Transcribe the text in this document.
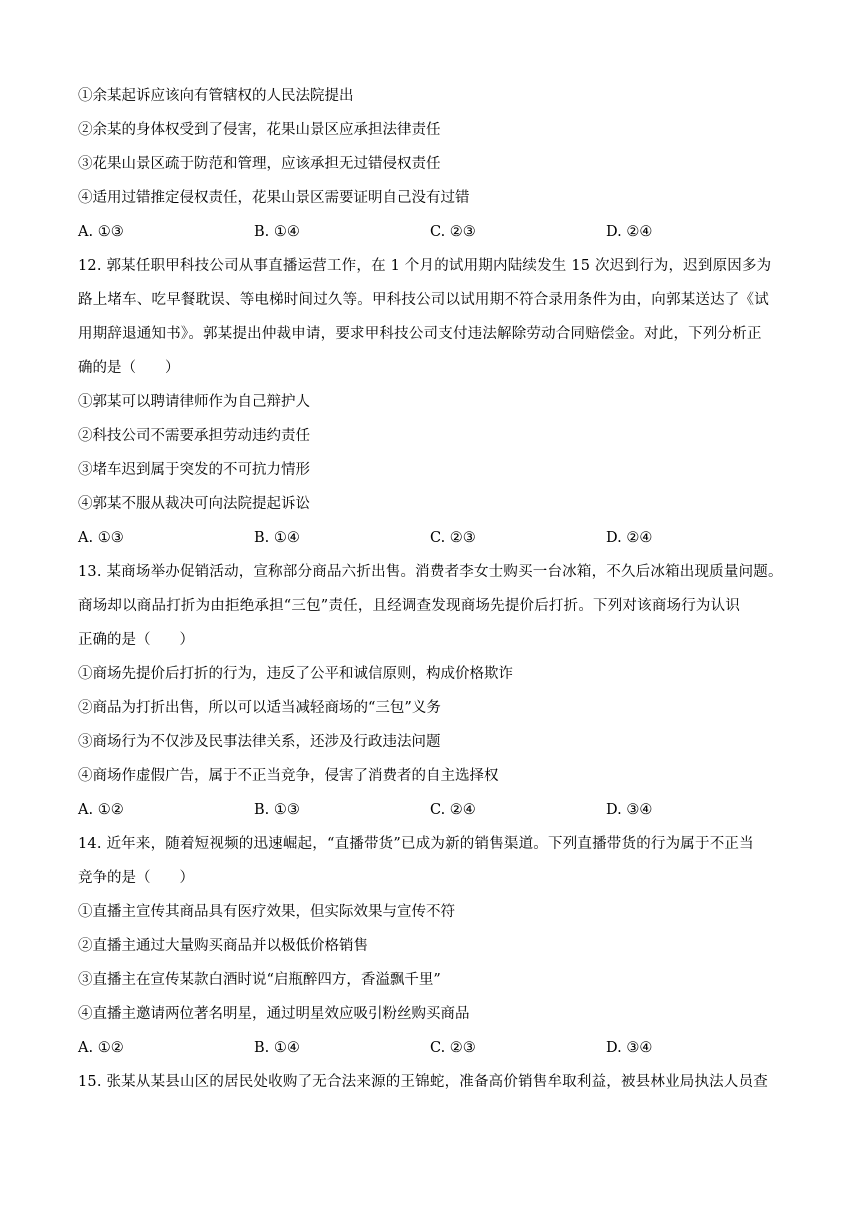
①余某起诉应该向有管辖权的人民法院提出
②余某的身体权受到了侵害，花果山景区应承担法律责任
③花果山景区疏于防范和管理，应该承担无过错侵权责任
④适用过错推定侵权责任，花果山景区需要证明自己没有过错
A. ①③	B. ①④	C. ②③	D. ②④
12. 郭某任职甲科技公司从事直播运营工作，在 1 个月的试用期内陆续发生 15 次迟到行为，迟到原因多为
路上堵车、吃早餐耽误、等电梯时间过久等。甲科技公司以试用期不符合录用条件为由，向郭某送达了《试
用期辞退通知书》。郭某提出仲裁申请，要求甲科技公司支付违法解除劳动合同赔偿金。对此，下列分析正
确的是（　　）
①郭某可以聘请律师作为自己辩护人
②科技公司不需要承担劳动违约责任
③堵车迟到属于突发的不可抗力情形
④郭某不服从裁决可向法院提起诉讼
A. ①③	B. ①④	C. ②③	D. ②④
13. 某商场举办促销活动，宣称部分商品六折出售。消费者李女士购买一台冰箱，不久后冰箱出现质量问题。
商场却以商品打折为由拒绝承担“三包”责任，且经调查发现商场先提价后打折。下列对该商场行为认识
正确的是（　　）
①商场先提价后打折的行为，违反了公平和诚信原则，构成价格欺诈
②商品为打折出售，所以可以适当减轻商场的“三包”义务
③商场行为不仅涉及民事法律关系，还涉及行政违法问题
④商场作虚假广告，属于不正当竞争，侵害了消费者的自主选择权
A. ①②	B. ①③	C. ②④	D. ③④
14. 近年来，随着短视频的迅速崛起，“直播带货”已成为新的销售渠道。下列直播带货的行为属于不正当
竞争的是（　　）
①直播主宣传其商品具有医疗效果，但实际效果与宣传不符
②直播主通过大量购买商品并以极低价格销售
③直播主在宣传某款白酒时说“启瓶醉四方，香溢飘千里”
④直播主邀请两位著名明星，通过明星效应吸引粉丝购买商品
A. ①②	B. ①④	C. ②③	D. ③④
15. 张某从某县山区的居民处收购了无合法来源的王锦蛇，准备高价销售牟取利益，被县林业局执法人员查
